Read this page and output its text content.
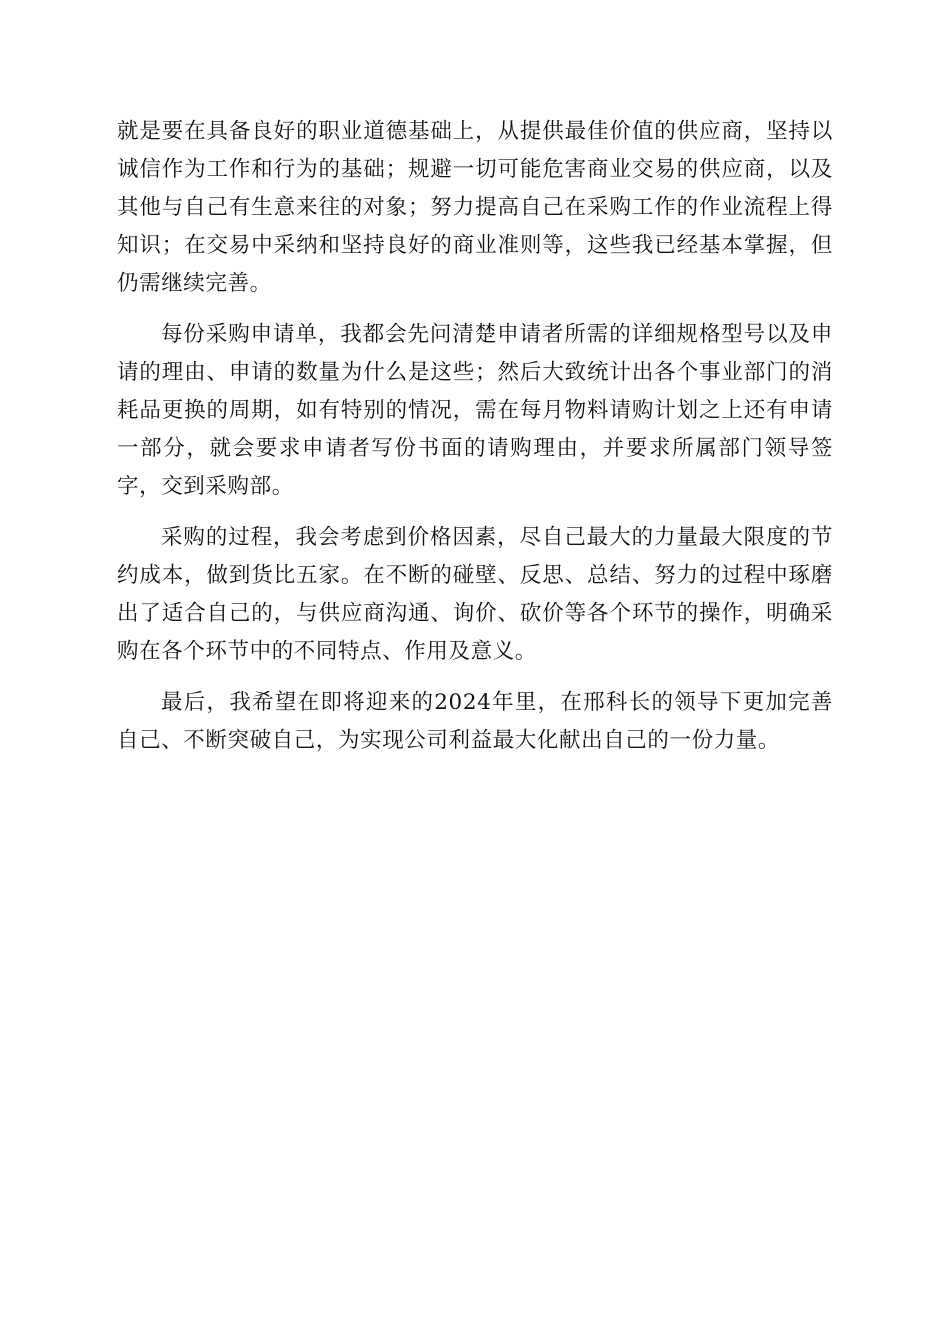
就是要在具备良好的职业道德基础上，从提供最佳价值的供应商，坚持以诚信作为工作和行为的基础；规避一切可能危害商业交易的供应商，以及其他与自己有生意来往的对象；努力提高自己在采购工作的作业流程上得知识；在交易中采纳和坚持良好的商业准则等，这些我已经基本掌握，但仍需继续完善。

每份采购申请单，我都会先问清楚申请者所需的详细规格型号以及申请的理由、申请的数量为什么是这些；然后大致统计出各个事业部门的消耗品更换的周期，如有特别的情况，需在每月物料请购计划之上还有申请一部分，就会要求申请者写份书面的请购理由，并要求所属部门领导签字，交到采购部。

采购的过程，我会考虑到价格因素，尽自己最大的力量最大限度的节约成本，做到货比五家。在不断的碰壁、反思、总结、努力的过程中琢磨出了适合自己的，与供应商沟通、询价、砍价等各个环节的操作，明确采购在各个环节中的不同特点、作用及意义。

最后，我希望在即将迎来的2024年里，在邢科长的领导下更加完善自己、不断突破自己，为实现公司利益最大化献出自己的一份力量。
